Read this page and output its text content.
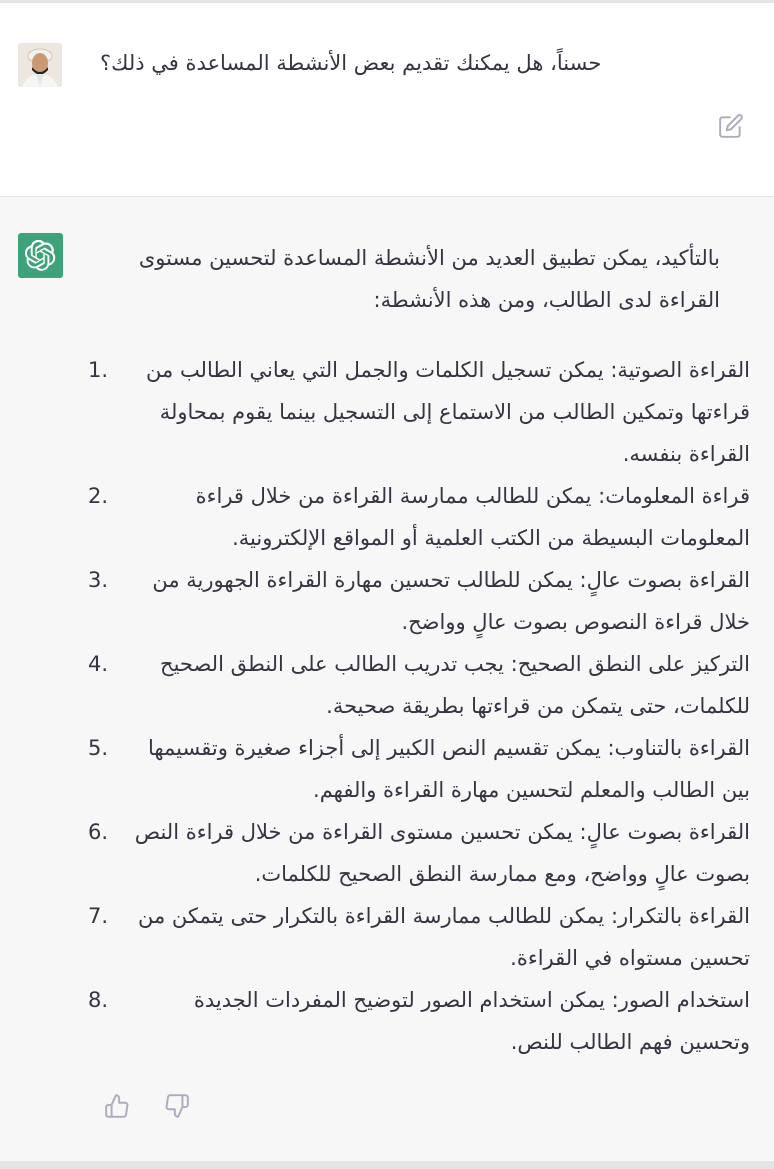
حسناً، هل يمكنك تقديم بعض الأنشطة المساعدة في ذلك؟
بالتأكيد، يمكن تطبيق العديد من الأنشطة المساعدة لتحسين مستوى القراءة لدى الطالب، ومن هذه الأنشطة:
1.	القراءة الصوتية: يمكن تسجيل الكلمات والجمل التي يعاني الطالب من قراءتها وتمكين الطالب من الاستماع إلى التسجيل بينما يقوم بمحاولة القراءة بنفسه.
2.	قراءة المعلومات: يمكن للطالب ممارسة القراءة من خلال قراءة المعلومات البسيطة من الكتب العلمية أو المواقع الإلكترونية.
3.	القراءة بصوت عالٍ: يمكن للطالب تحسين مهارة القراءة الجهورية من خلال قراءة النصوص بصوت عالٍ وواضح.
4.	التركيز على النطق الصحيح: يجب تدريب الطالب على النطق الصحيح للكلمات، حتى يتمكن من قراءتها بطريقة صحيحة.
5.	القراءة بالتناوب: يمكن تقسيم النص الكبير إلى أجزاء صغيرة وتقسيمها بين الطالب والمعلم لتحسين مهارة القراءة والفهم.
6.	القراءة بصوت عالٍ: يمكن تحسين مستوى القراءة من خلال قراءة النص بصوت عالٍ وواضح، ومع ممارسة النطق الصحيح للكلمات.
7.	القراءة بالتكرار: يمكن للطالب ممارسة القراءة بالتكرار حتى يتمكن من تحسين مستواه في القراءة.
8.	استخدام الصور: يمكن استخدام الصور لتوضيح المفردات الجديدة وتحسين فهم الطالب للنص.
